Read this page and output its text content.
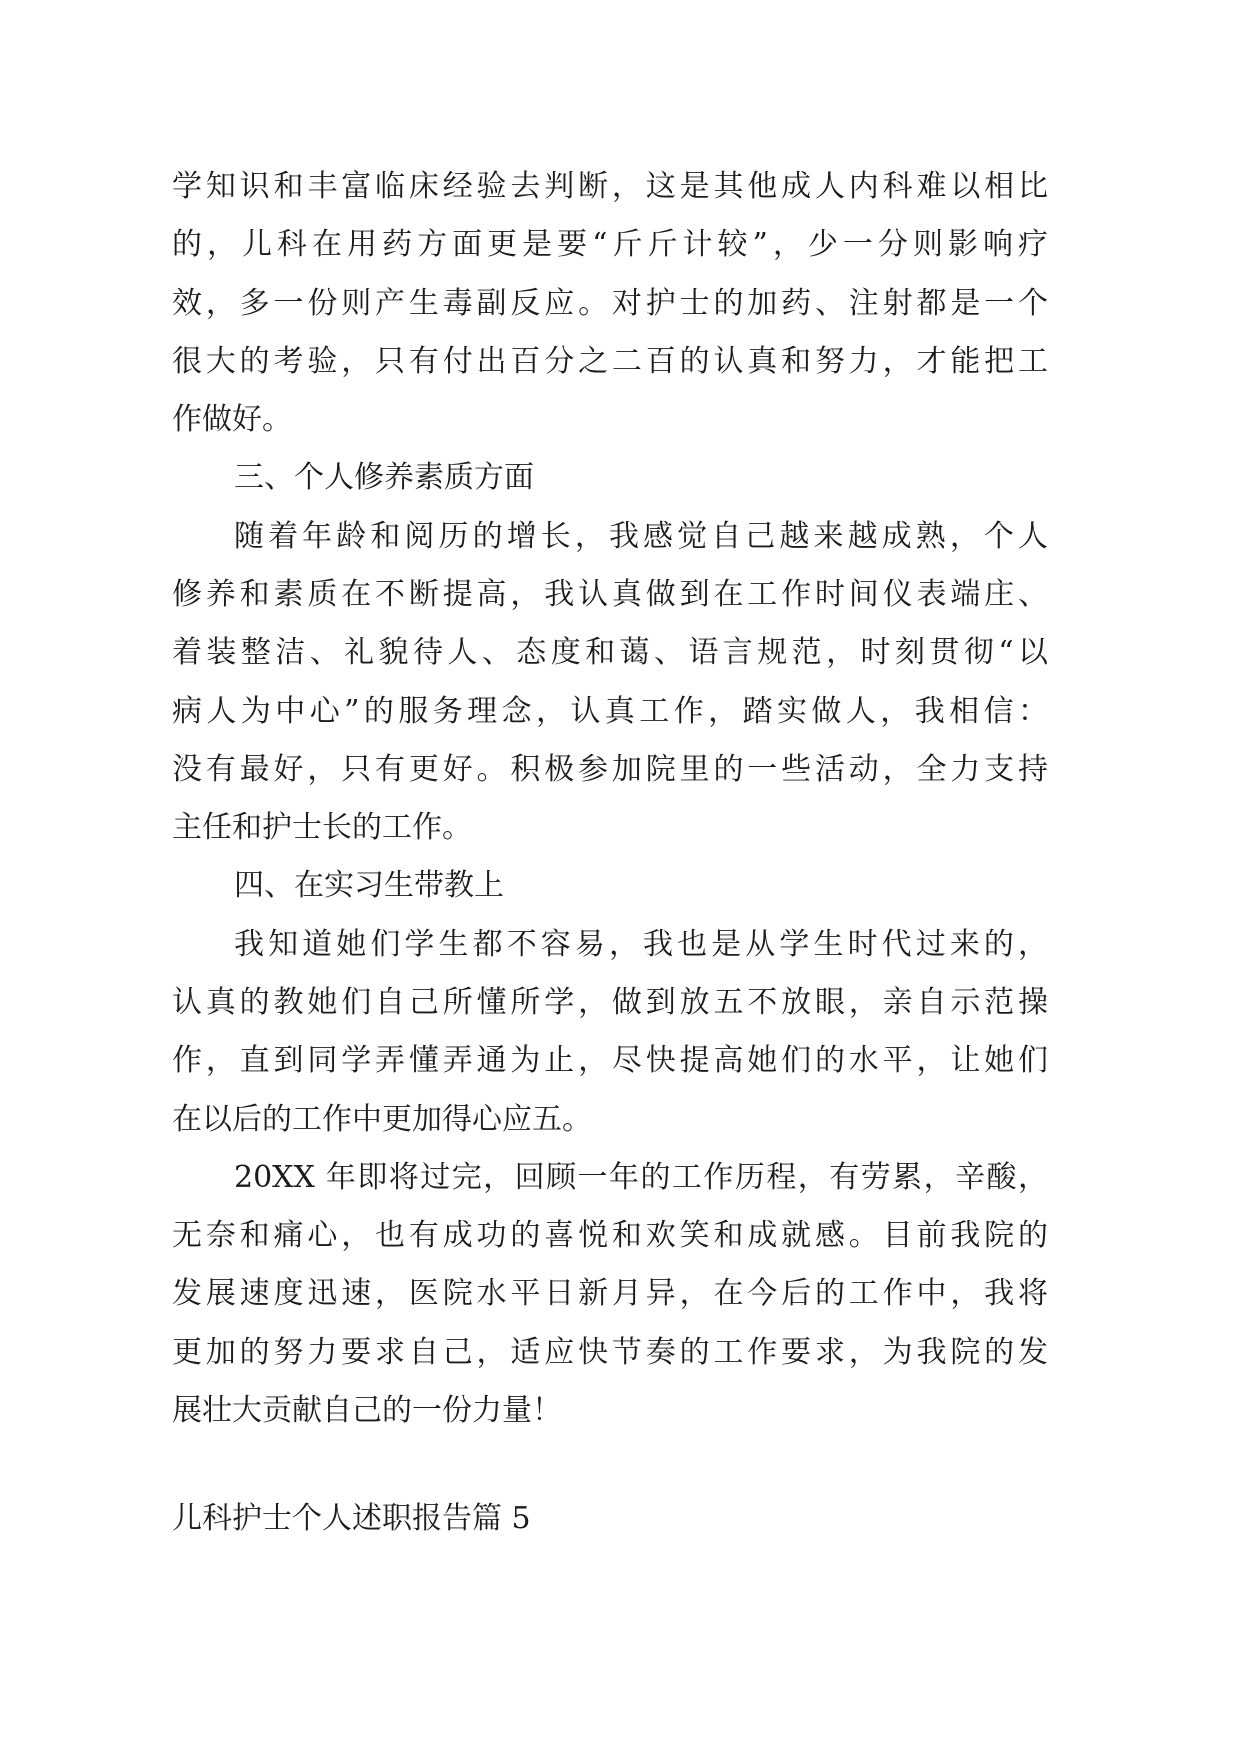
学知识和丰富临床经验去判断，这是其他成人内科难以相比
的，儿科在用药方面更是要“斤斤计较”，少一分则影响疗
效，多一份则产生毒副反应。对护士的加药、注射都是一个
很大的考验，只有付出百分之二百的认真和努力，才能把工
作做好。
三、个人修养素质方面
随着年龄和阅历的增长，我感觉自己越来越成熟，个人
修养和素质在不断提高，我认真做到在工作时间仪表端庄、
着装整洁、礼貌待人、态度和蔼、语言规范，时刻贯彻“以
病人为中心”的服务理念，认真工作，踏实做人，我相信：
没有最好，只有更好。积极参加院里的一些活动，全力支持
主任和护士长的工作。
四、在实习生带教上
我知道她们学生都不容易，我也是从学生时代过来的，
认真的教她们自己所懂所学，做到放五不放眼，亲自示范操
作，直到同学弄懂弄通为止，尽快提高她们的水平，让她们
在以后的工作中更加得心应五。
20XX 年即将过完，回顾一年的工作历程，有劳累，辛酸，
无奈和痛心，也有成功的喜悦和欢笑和成就感。目前我院的
发展速度迅速，医院水平日新月异，在今后的工作中，我将
更加的努力要求自己，适应快节奏的工作要求，为我院的发
展壮大贡献自己的一份力量！
儿科护士个人述职报告篇 5
